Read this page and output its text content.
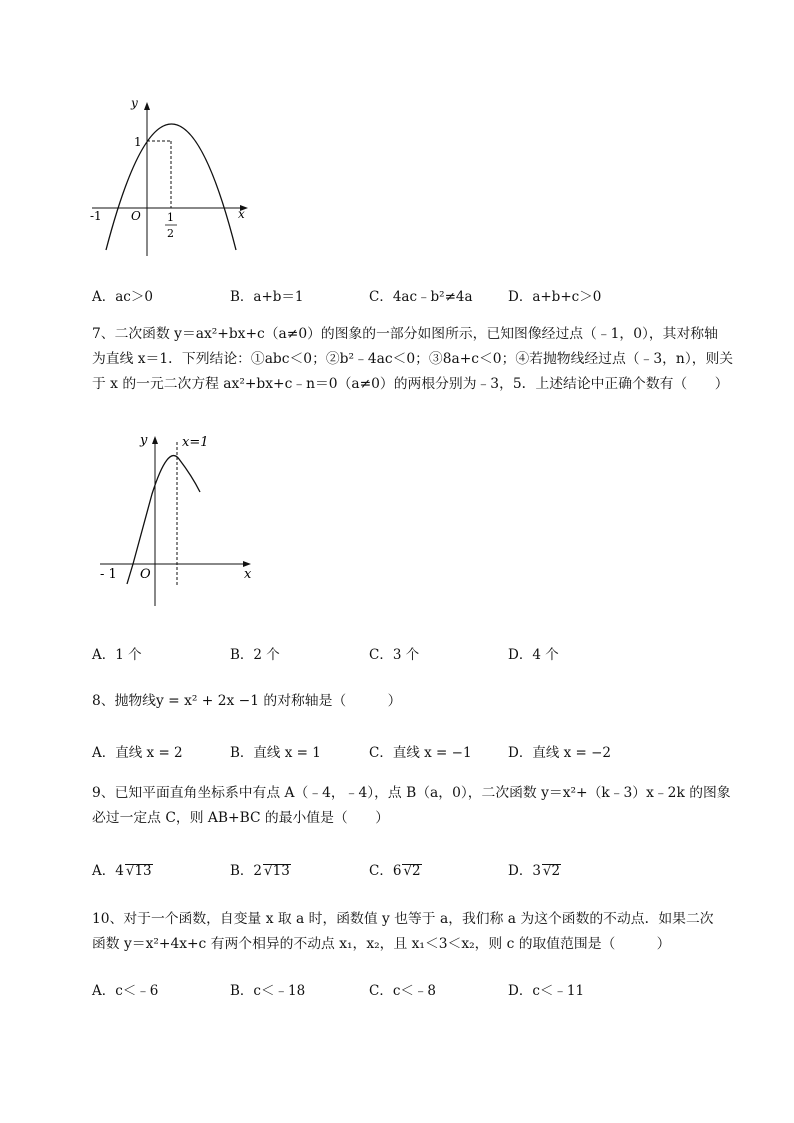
y
x
O
-1
1
1
2
A．ac＞0	B．a+b＝1	C．4ac﹣b²≠4a	D．a+b+c＞0
7、二次函数 y＝ax²+bx+c（a≠0）的图象的一部分如图所示，已知图像经过点（﹣1，0），其对称轴
为直线 x＝1．下列结论：①abc＜0；②b²﹣4ac＜0；③8a+c＜0；④若抛物线经过点（﹣3，n），则关
于 x 的一元二次方程 ax²+bx+c﹣n＝0（a≠0）的两根分别为﹣3，5．上述结论中正确个数有（　　）
y
x
O
- 1
x=1
A．1 个	B．2 个	C．3 个	D．4 个
8、抛物线y = x² + 2x −1 的对称轴是（　　　）
A．直线 x = 2	B．直线 x = 1	C．直线 x = −1	D．直线 x = −2
9、已知平面直角坐标系中有点 A（﹣4，﹣4），点 B（a，0），二次函数 y＝x²+（k﹣3）x﹣2k 的图象
必过一定点 C，则 AB+BC 的最小值是（　　）
A．4 √13	B．2 √13	C．6 √2	D．3 √2
10、对于一个函数，自变量 x 取 a 时，函数值 y 也等于 a，我们称 a 为这个函数的不动点．如果二次
函数 y＝x²+4x+c 有两个相异的不动点 x₁，x₂，且 x₁＜3＜x₂，则 c 的取值范围是（　　　）
A．c＜﹣6	B．c＜﹣18	C．c＜﹣8	D．c＜﹣11
